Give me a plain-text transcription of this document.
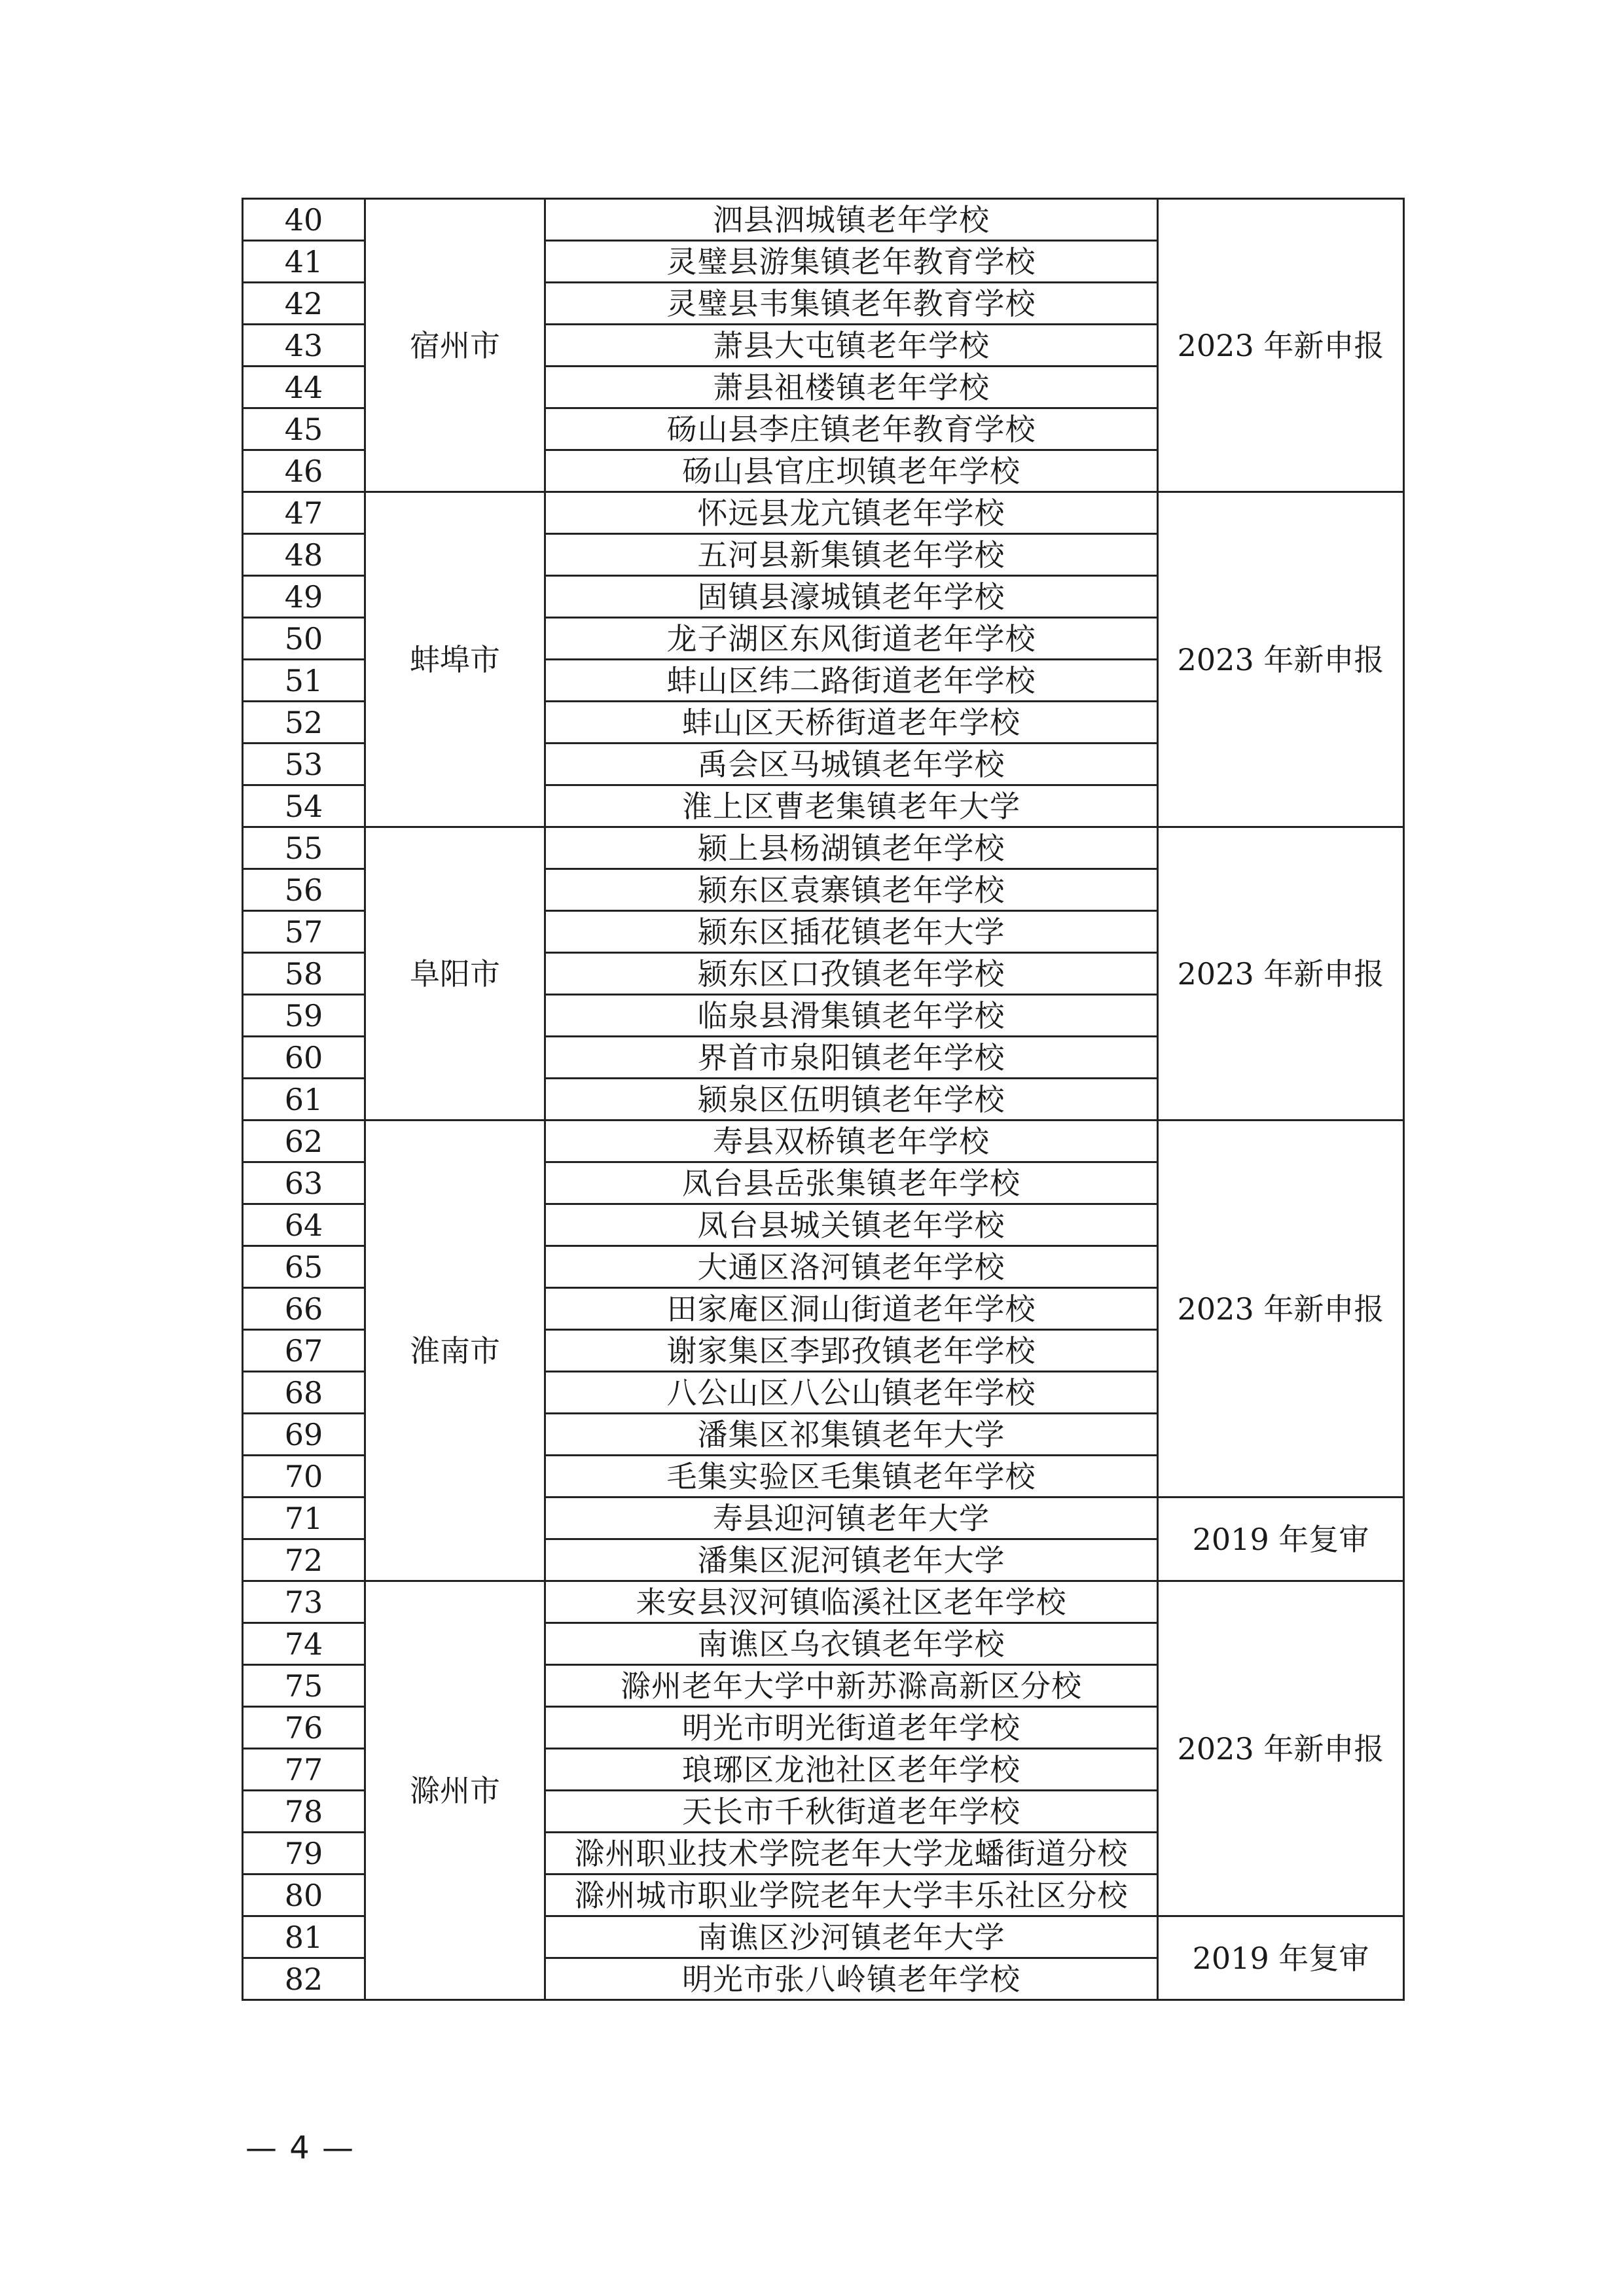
40	宿州市	泗县泗城镇老年学校	2023 年新申报
41		灵璧县游集镇老年教育学校	
42		灵璧县韦集镇老年教育学校	
43		萧县大屯镇老年学校	
44		萧县祖楼镇老年学校	
45		砀山县李庄镇老年教育学校	
46		砀山县官庄坝镇老年学校	
47	蚌埠市	怀远县龙亢镇老年学校	2023 年新申报
48		五河县新集镇老年学校	
49		固镇县濠城镇老年学校	
50		龙子湖区东风街道老年学校	
51		蚌山区纬二路街道老年学校	
52		蚌山区天桥街道老年学校	
53		禹会区马城镇老年学校	
54		淮上区曹老集镇老年大学	
55	阜阳市	颍上县杨湖镇老年学校	2023 年新申报
56		颍东区袁寨镇老年学校	
57		颍东区插花镇老年大学	
58		颍东区口孜镇老年学校	
59		临泉县滑集镇老年学校	
60		界首市泉阳镇老年学校	
61		颍泉区伍明镇老年学校	
62	淮南市	寿县双桥镇老年学校	2023 年新申报
63		凤台县岳张集镇老年学校	
64		凤台县城关镇老年学校	
65		大通区洛河镇老年学校	
66		田家庵区洞山街道老年学校	
67		谢家集区李郢孜镇老年学校	
68		八公山区八公山镇老年学校	
69		潘集区祁集镇老年大学	
70		毛集实验区毛集镇老年学校	
71		寿县迎河镇老年大学	2019 年复审
72		潘集区泥河镇老年大学	
73	滁州市	来安县汊河镇临溪社区老年学校	2023 年新申报
74		南谯区乌衣镇老年学校	
75		滁州老年大学中新苏滁高新区分校	
76		明光市明光街道老年学校	
77		琅琊区龙池社区老年学校	
78		天长市千秋街道老年学校	
79		滁州职业技术学院老年大学龙蟠街道分校	
80		滁州城市职业学院老年大学丰乐社区分校	
81		南谯区沙河镇老年大学	2019 年复审
82		明光市张八岭镇老年学校	
— 4 —
